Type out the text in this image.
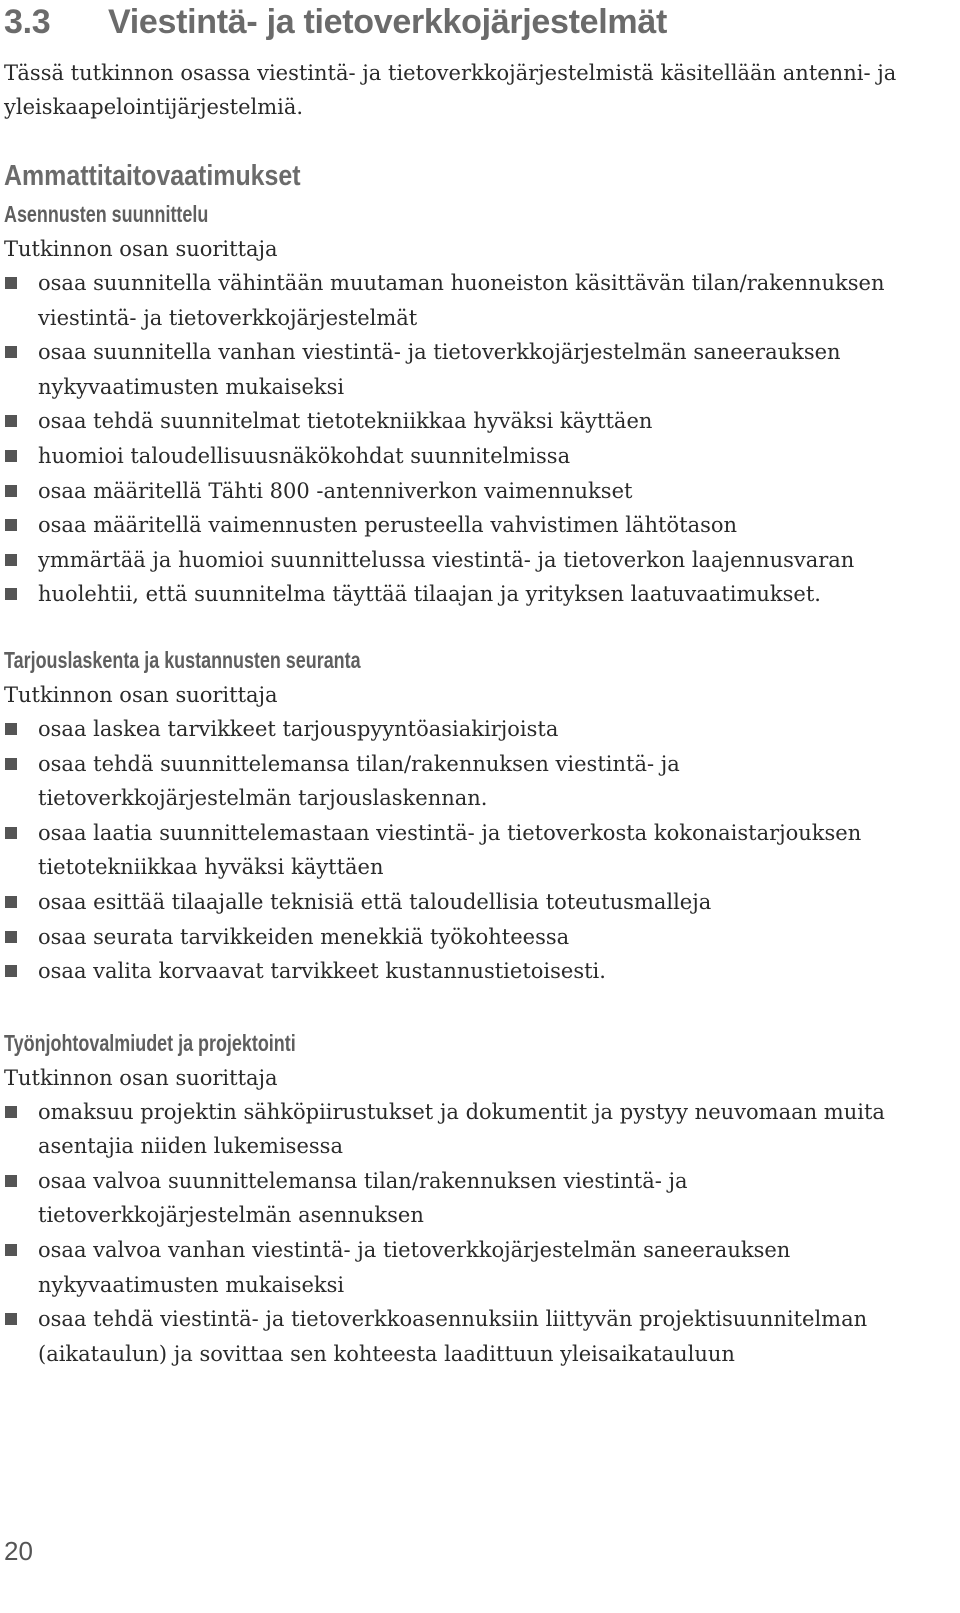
3.3 Viestintä- ja tietoverkkojärjestelmät

Tässä tutkinnon osassa viestintä- ja tietoverkkojärjestelmistä käsitellään antenni- ja yleiskaapelointijärjestelmiä.

Ammattitaitovaatimukset
Asennusten suunnittelu

Tutkinnon osan suorittaja

osaa suunnitella vähintään muutaman huoneiston käsittävän tilan/rakennuksen viestintä- ja tietoverkkojärjestelmät
osaa suunnitella vanhan viestintä- ja tietoverkkojärjestelmän saneerauksen nykyvaatimusten mukaiseksi
osaa tehdä suunnitelmat tietotekniikkaa hyväksi käyttäen
huomioi taloudellisuusnäkökohdat suunnitelmissa
osaa määritellä Tähti 800 -antenniverkon vaimennukset
osaa määritellä vaimennusten perusteella vahvistimen lähtötason
ymmärtää ja huomioi suunnittelussa viestintä- ja tietoverkon laajennusvaran
huolehtii, että suunnitelma täyttää tilaajan ja yrityksen laatuvaatimukset.
Tarjouslaskenta ja kustannusten seuranta

Tutkinnon osan suorittaja

osaa laskea tarvikkeet tarjouspyyntöasiakirjoista
osaa tehdä suunnittelemansa tilan/rakennuksen viestintä- ja tietoverkkojärjestelmän tarjouslaskennan.
osaa laatia suunnittelemastaan viestintä- ja tietoverkosta kokonaistarjouksen tietotekniikkaa hyväksi käyttäen
osaa esittää tilaajalle teknisiä että taloudellisia toteutusmalleja
osaa seurata tarvikkeiden menekkiä työkohteessa
osaa valita korvaavat tarvikkeet kustannustietoisesti.
Työnjohtovalmiudet ja projektointi

Tutkinnon osan suorittaja

omaksuu projektin sähköpiirustukset ja dokumentit ja pystyy neuvomaan muita asentajia niiden lukemisessa
osaa valvoa suunnittelemansa tilan/rakennuksen viestintä- ja tietoverkkojärjestelmän asennuksen
osaa valvoa vanhan viestintä- ja tietoverkkojärjestelmän saneerauksen nykyvaatimusten mukaiseksi
osaa tehdä viestintä- ja tietoverkkoasennuksiin liittyvän projektisuunnitelman (aikataulun) ja sovittaa sen kohteesta laadittuun yleisaikatauluun
20
